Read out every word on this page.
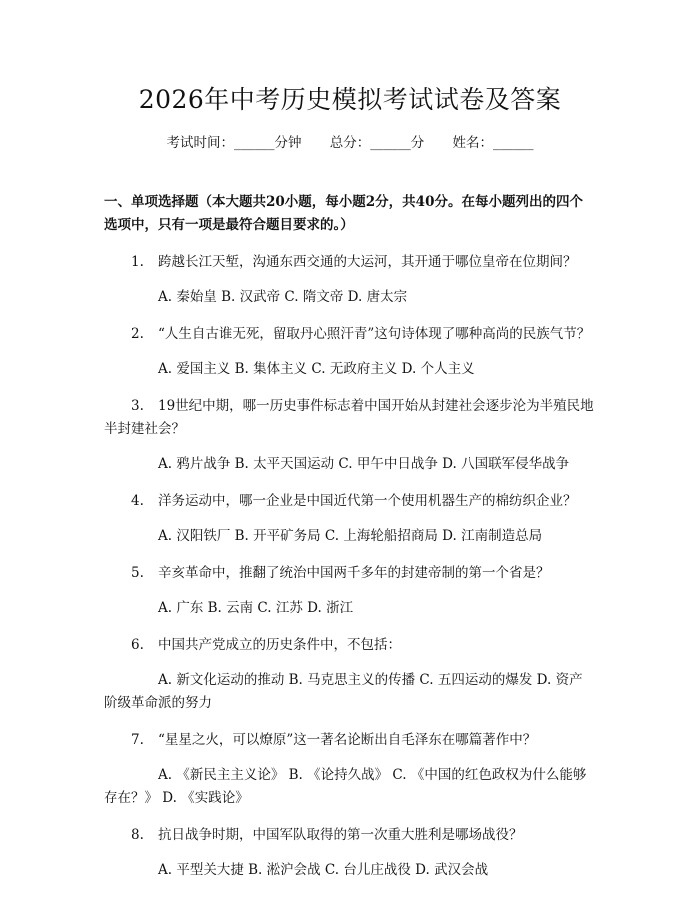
2026年中考历史模拟考试试卷及答案
考试时间：______分钟 总分：______分 姓名：______
一、单项选择题（本大题共20小题，每小题2分，共40分。在每小题列出的四个选项中，只有一项是最符合题目要求的。）
1. 跨越长江天堑，沟通东西交通的大运河，其开通于哪位皇帝在位期间？
A. 秦始皇 B. 汉武帝 C. 隋文帝 D. 唐太宗
2. “人生自古谁无死，留取丹心照汗青”这句诗体现了哪种高尚的民族气节？
A. 爱国主义 B. 集体主义 C. 无政府主义 D. 个人主义
3. 19世纪中期，哪一历史事件标志着中国开始从封建社会逐步沦为半殖民地半封建社会？
A. 鸦片战争 B. 太平天国运动 C. 甲午中日战争 D. 八国联军侵华战争
4. 洋务运动中，哪一企业是中国近代第一个使用机器生产的棉纺织企业？
A. 汉阳铁厂 B. 开平矿务局 C. 上海轮船招商局 D. 江南制造总局
5. 辛亥革命中，推翻了统治中国两千多年的封建帝制的第一个省是？
A. 广东 B. 云南 C. 江苏 D. 浙江
6. 中国共产党成立的历史条件中，不包括：
A. 新文化运动的推动 B. 马克思主义的传播 C. 五四运动的爆发 D. 资产阶级革命派的努力
7. “星星之火，可以燎原”这一著名论断出自毛泽东在哪篇著作中？
A. 《新民主主义论》 B. 《论持久战》 C. 《中国的红色政权为什么能够存在？》 D. 《实践论》
8. 抗日战争时期，中国军队取得的第一次重大胜利是哪场战役？
A. 平型关大捷 B. 淞沪会战 C. 台儿庄战役 D. 武汉会战
